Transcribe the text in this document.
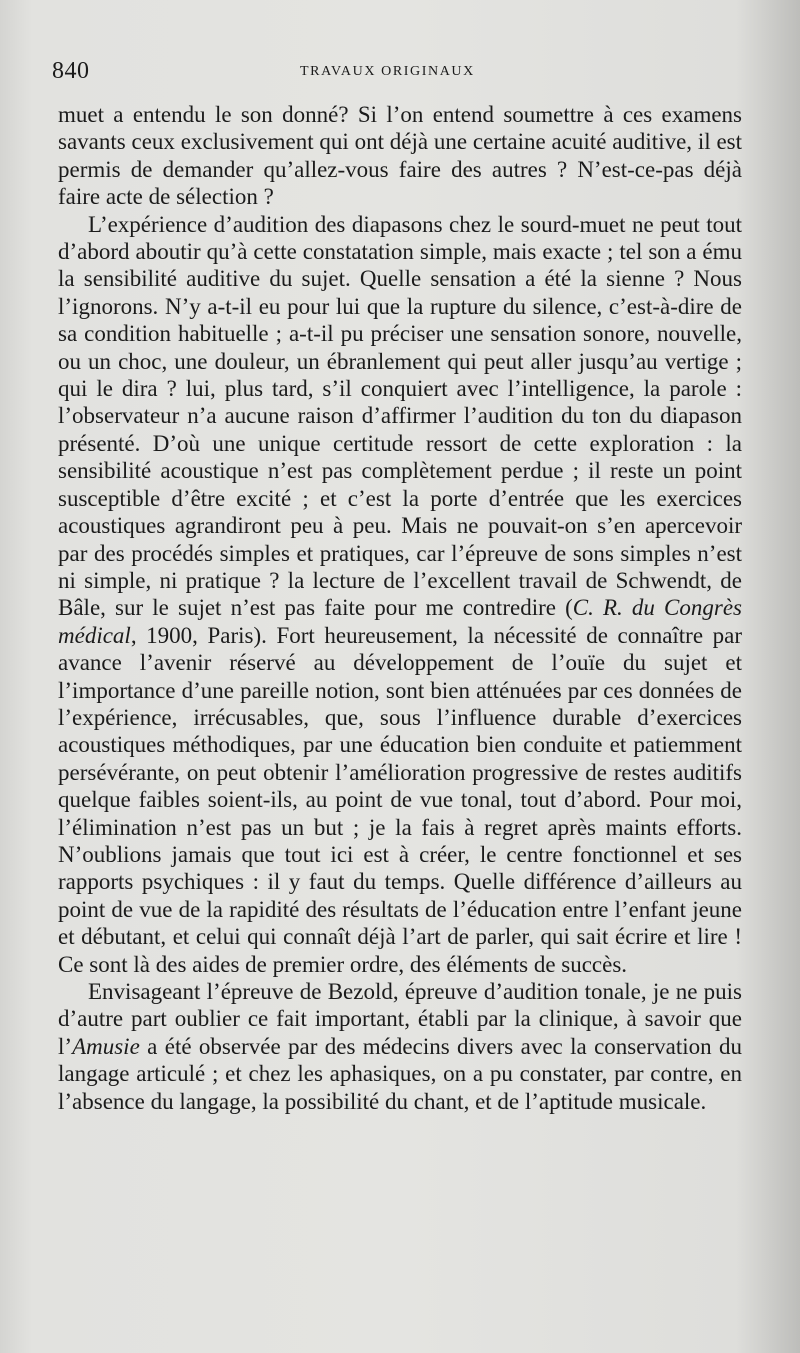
840	TRAVAUX ORIGINAUX

muet a entendu le son donné? Si l’on entend soumettre à ces examens savants ceux exclusivement qui ont déjà une certaine acuité auditive, il est permis de demander qu’allez-vous faire des autres ? N’est-ce-pas déjà faire acte de sélection ?

L’expérience d’audition des diapasons chez le sourd-muet ne peut tout d’abord aboutir qu’à cette constatation simple, mais exacte ; tel son a ému la sensibilité auditive du sujet. Quelle sensation a été la sienne ? Nous l’ignorons. N’y a-t-il eu pour lui que la rupture du silence, c’est-à-dire de sa condition habituelle ; a-t-il pu préciser une sensation sonore, nouvelle, ou un choc, une douleur, un ébranlement qui peut aller jusqu’au vertige ; qui le dira ? lui, plus tard, s’il conquiert avec l’intelligence, la parole : l’observateur n’a aucune raison d’affirmer l’audition du ton du diapason présenté. D’où une unique certitude ressort de cette exploration : la sensibilité acoustique n’est pas complètement perdue ; il reste un point susceptible d’être excité ; et c’est la porte d’entrée que les exercices acoustiques agrandiront peu à peu. Mais ne pouvait-on s’en apercevoir par des procédés simples et pratiques, car l’épreuve de sons simples n’est ni simple, ni pratique ? la lecture de l’excellent travail de Schwendt, de Bâle, sur le sujet n’est pas faite pour me contredire (C. R. du Congrès médical, 1900, Paris). Fort heureusement, la nécessité de connaître par avance l’avenir réservé au développement de l’ouïe du sujet et l’importance d’une pareille notion, sont bien atténuées par ces données de l’expérience, irrécusables, que, sous l’influence durable d’exercices acoustiques méthodiques, par une éducation bien conduite et patiemment persévérante, on peut obtenir l’amélioration progressive de restes auditifs quelque faibles soient-ils, au point de vue tonal, tout d’abord. Pour moi, l’élimination n’est pas un but ; je la fais à regret après maints efforts. N’oublions jamais que tout ici est à créer, le centre fonctionnel et ses rapports psychiques : il y faut du temps. Quelle différence d’ailleurs au point de vue de la rapidité des résultats de l’éducation entre l’enfant jeune et débutant, et celui qui connaît déjà l’art de parler, qui sait écrire et lire ! Ce sont là des aides de premier ordre, des éléments de succès.

Envisageant l’épreuve de Bezold, épreuve d’audition tonale, je ne puis d’autre part oublier ce fait important, établi par la clinique, à savoir que l’Amusie a été observée par des médecins divers avec la conservation du langage articulé ; et chez les aphasiques, on a pu constater, par contre, en l’absence du langage, la possibilité du chant, et de l’aptitude musicale.
